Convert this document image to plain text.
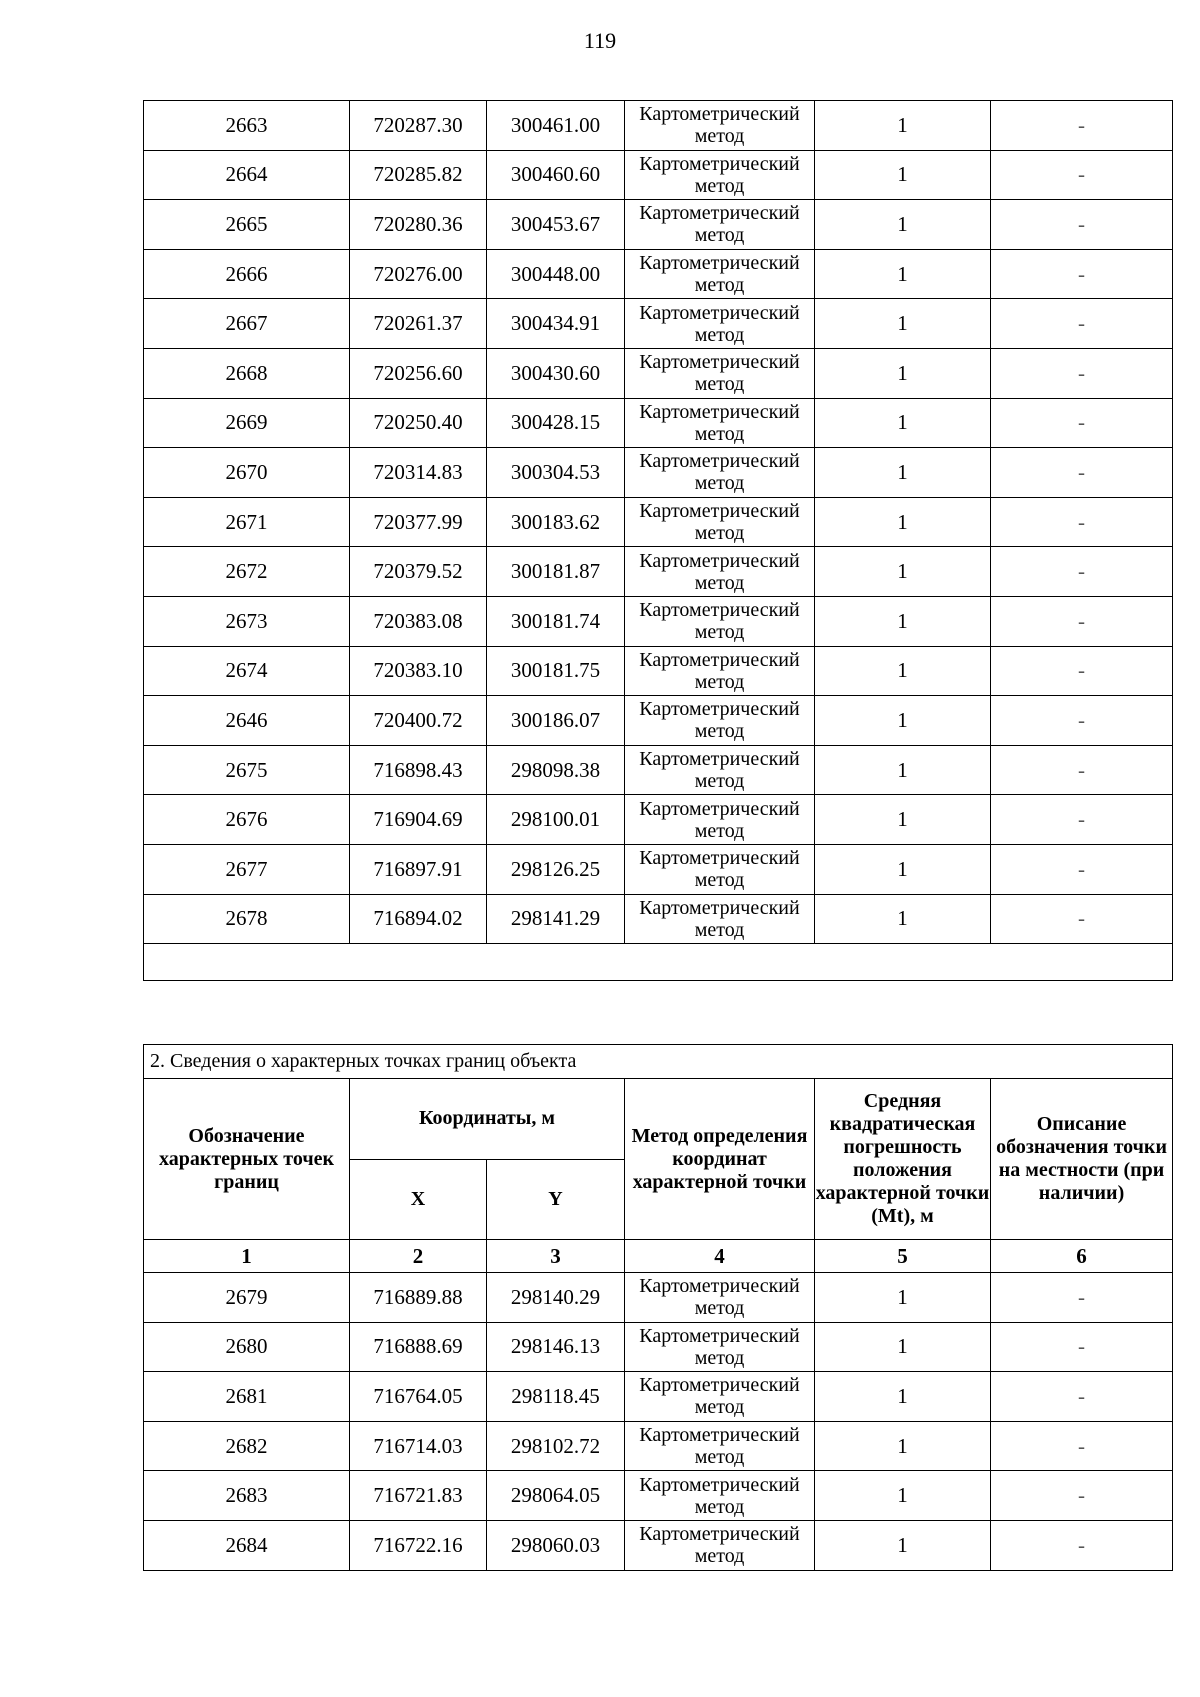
119
2663	720287.30	300461.00	Картометрический метод	1	-
2664	720285.82	300460.60	Картометрический метод	1	-
2665	720280.36	300453.67	Картометрический метод	1	-
2666	720276.00	300448.00	Картометрический метод	1	-
2667	720261.37	300434.91	Картометрический метод	1	-
2668	720256.60	300430.60	Картометрический метод	1	-
2669	720250.40	300428.15	Картометрический метод	1	-
2670	720314.83	300304.53	Картометрический метод	1	-
2671	720377.99	300183.62	Картометрический метод	1	-
2672	720379.52	300181.87	Картометрический метод	1	-
2673	720383.08	300181.74	Картометрический метод	1	-
2674	720383.10	300181.75	Картометрический метод	1	-
2646	720400.72	300186.07	Картометрический метод	1	-
2675	716898.43	298098.38	Картометрический метод	1	-
2676	716904.69	298100.01	Картометрический метод	1	-
2677	716897.91	298126.25	Картометрический метод	1	-
2678	716894.02	298141.29	Картометрический метод	1	-

2. Сведения о характерных точках границ объекта					
Обозначение характерных точек границ	Координаты, м		Метод определения координат характерной точки	Средняя квадратическая погрешность положения характерной точки (Mt), м	Описание обозначения точки на местности (при наличии)
	X	Y			
1	2	3	4	5	6
2679	716889.88	298140.29	Картометрический метод	1	-
2680	716888.69	298146.13	Картометрический метод	1	-
2681	716764.05	298118.45	Картометрический метод	1	-
2682	716714.03	298102.72	Картометрический метод	1	-
2683	716721.83	298064.05	Картометрический метод	1	-
2684	716722.16	298060.03	Картометрический метод	1	-
